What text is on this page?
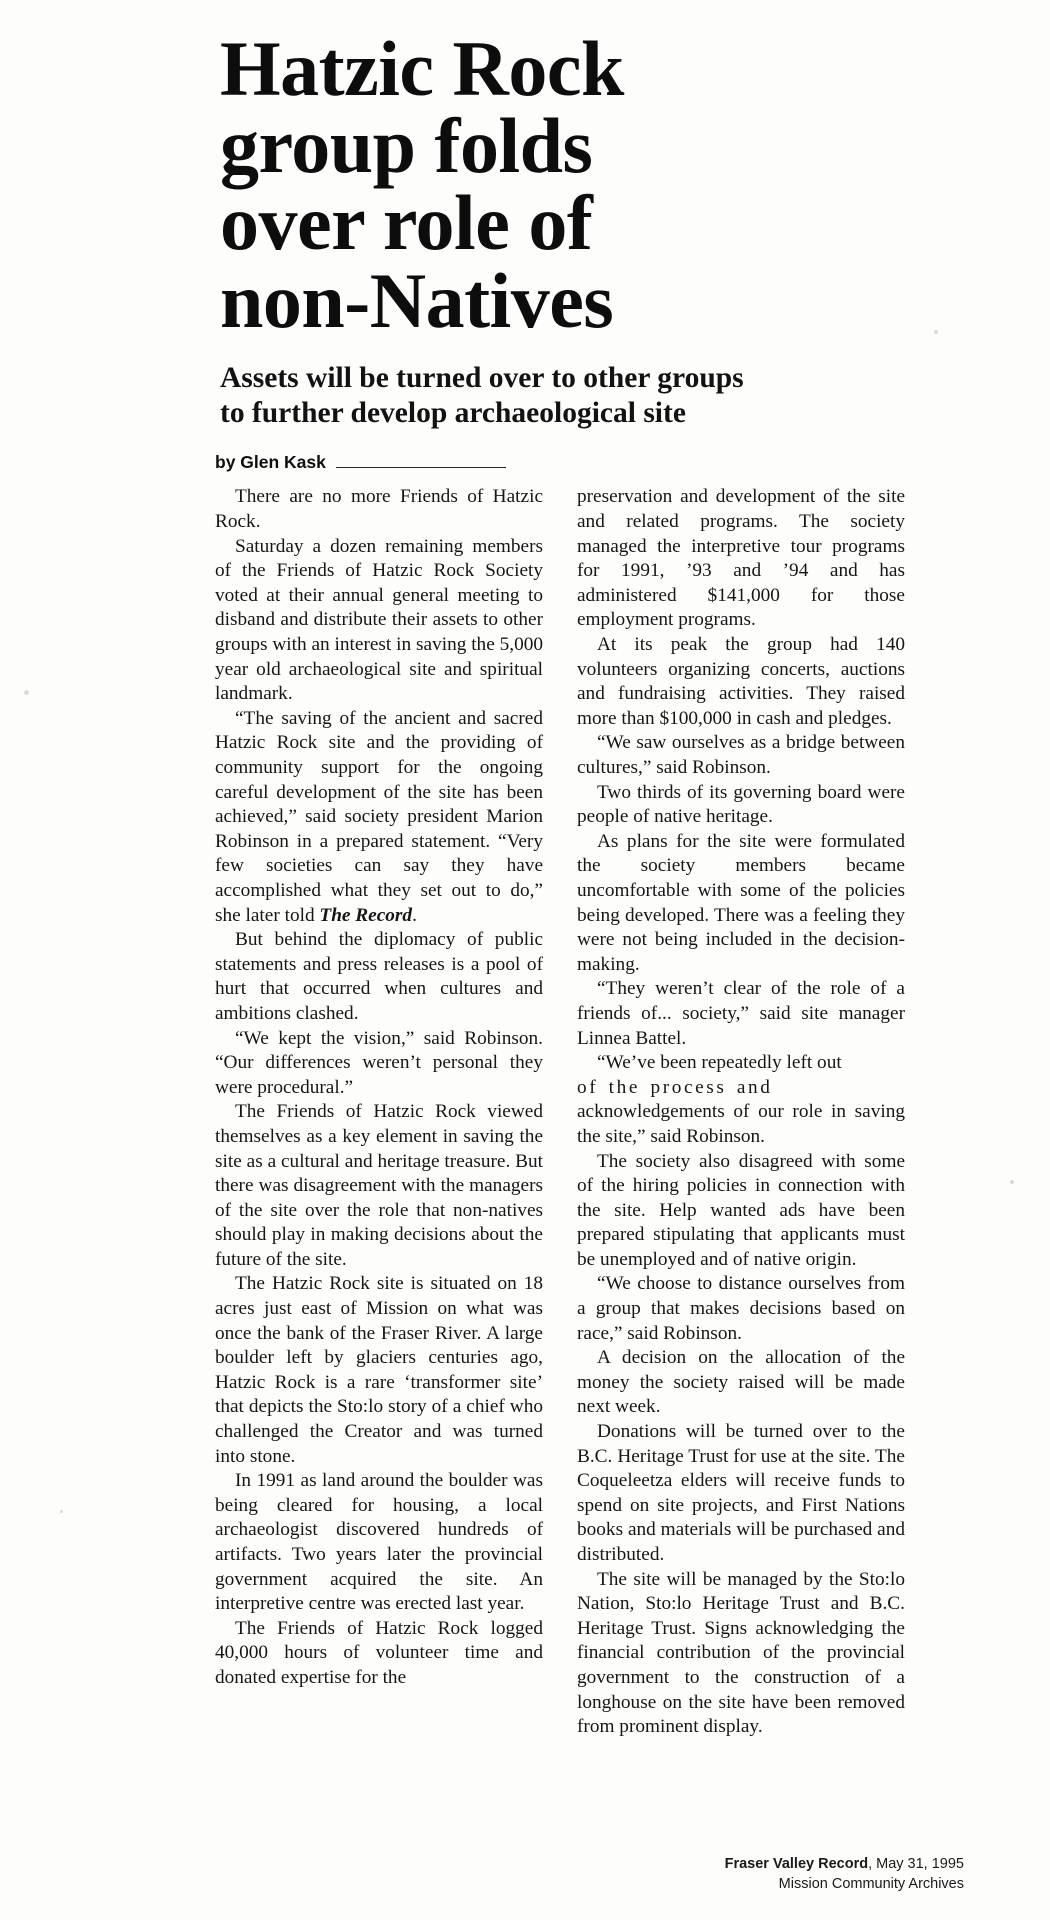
Hatzic Rock
group folds
over role of
non-Natives
Assets will be turned over to other groups
to further develop archaeological site
by Glen Kask

There are no more Friends of Hatzic Rock.

Saturday a dozen remaining members of the Friends of Hatzic Rock Society voted at their annual general meeting to disband and distribute their assets to other groups with an interest in saving the 5,000 year old archaeological site and spiritual landmark.

“The saving of the ancient and sacred Hatzic Rock site and the providing of community support for the ongoing careful development of the site has been achieved,” said society president Marion Robinson in a prepared statement. “Very few societies can say they have accomplished what they set out to do,” she later told The Record.

But behind the diplomacy of public statements and press releases is a pool of hurt that occurred when cultures and ambitions clashed.

“We kept the vision,” said Robinson. “Our differences weren’t personal they were procedural.”

The Friends of Hatzic Rock viewed themselves as a key element in saving the site as a cultural and heritage treasure. But there was disagreement with the managers of the site over the role that non-natives should play in making decisions about the future of the site.

The Hatzic Rock site is situated on 18 acres just east of Mission on what was once the bank of the Fraser River. A large boulder left by glaciers centuries ago, Hatzic Rock is a rare ‘transformer site’ that depicts the Sto:lo story of a chief who challenged the Creator and was turned into stone.

In 1991 as land around the boulder was being cleared for housing, a local archaeologist discovered hundreds of artifacts. Two years later the provincial government acquired the site. An interpretive centre was erected last year.

The Friends of Hatzic Rock logged 40,000 hours of volunteer time and donated expertise for the

preservation and development of the site and related programs. The society managed the interpretive tour programs for 1991, ’93 and ’94 and has administered $141,000 for those employment programs.

At its peak the group had 140 volunteers organizing concerts, auctions and fundraising activities. They raised more than $100,000 in cash and pledges.

“We saw ourselves as a bridge between cultures,” said Robinson.

Two thirds of its governing board were people of native heritage.

As plans for the site were formulated the society members became uncomfortable with some of the policies being developed. There was a feeling they were not being included in the decision-making.

“They weren’t clear of the role of a friends of... society,” said site manager Linnea Battel.

“We’ve been repeatedly left out

of the process and

acknowledgements of our role in saving the site,” said Robinson.

The society also disagreed with some of the hiring policies in connection with the site. Help wanted ads have been prepared stipulating that applicants must be unemployed and of native origin.

“We choose to distance ourselves from a group that makes decisions based on race,” said Robinson.

A decision on the allocation of the money the society raised will be made next week.

Donations will be turned over to the B.C. Heritage Trust for use at the site. The Coqueleetza elders will receive funds to spend on site projects, and First Nations books and materials will be purchased and distributed.

The site will be managed by the Sto:lo Nation, Sto:lo Heritage Trust and B.C. Heritage Trust. Signs acknowledging the financial contribution of the provincial government to the construction of a longhouse on the site have been removed from prominent display.

Fraser Valley Record, May 31, 1995
Mission Community Archives
